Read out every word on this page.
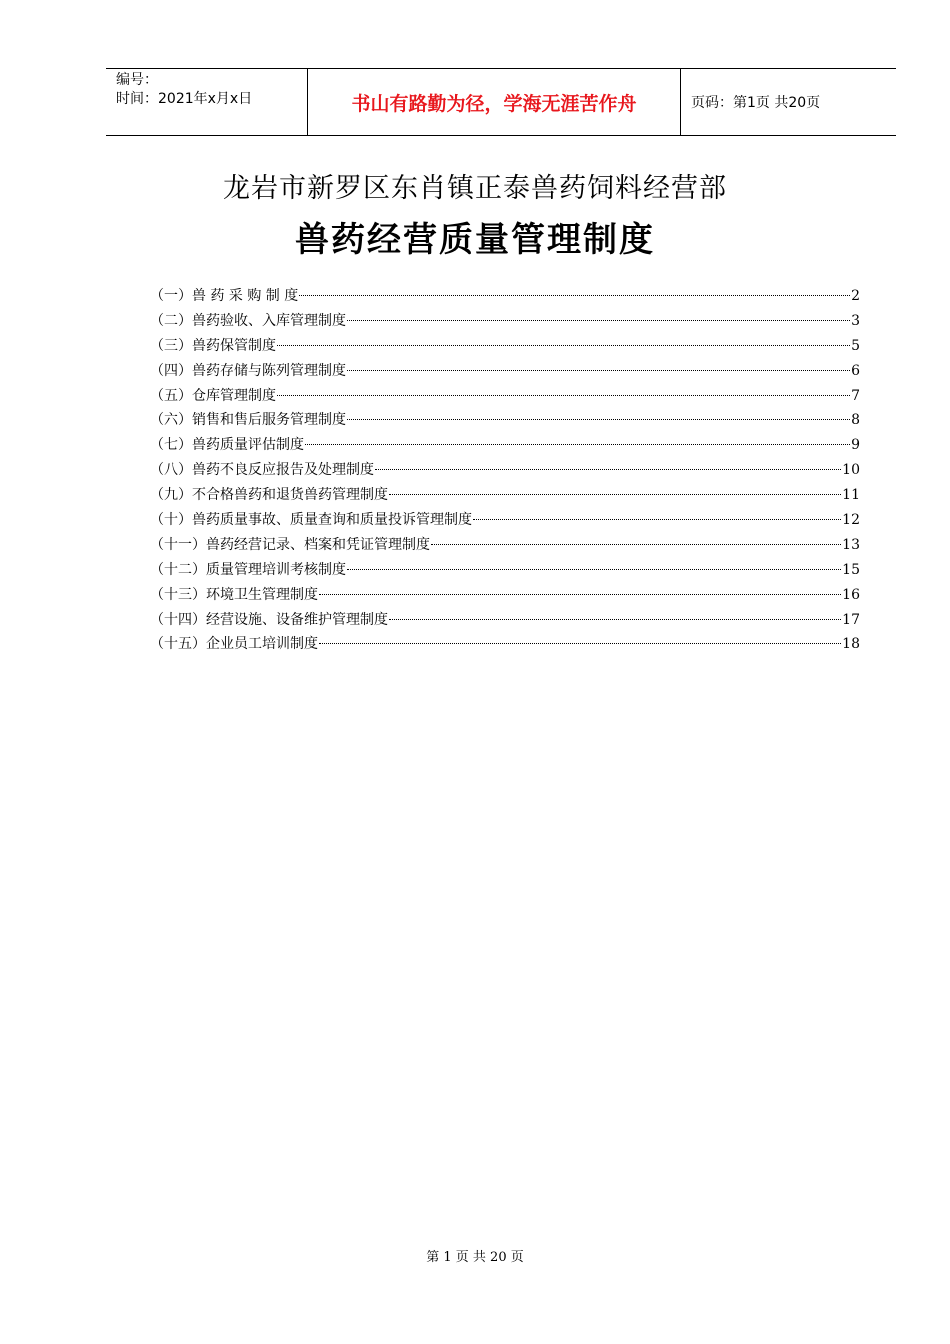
编号：
时间：2021年x月x日	书山有路勤为径，学海无涯苦作舟	页码：第1页 共20页
龙岩市新罗区东肖镇正泰兽药饲料经营部
兽药经营质量管理制度
（一）兽 药 采 购 制 度	2
（二）兽药验收、入库管理制度	3
（三）兽药保管制度	5
（四）兽药存储与陈列管理制度	6
（五）仓库管理制度	7
（六）销售和售后服务管理制度	8
（七）兽药质量评估制度	9
（八）兽药不良反应报告及处理制度	10
（九）不合格兽药和退货兽药管理制度	11
（十）兽药质量事故、质量查询和质量投诉管理制度	12
（十一）兽药经营记录、档案和凭证管理制度	13
（十二）质量管理培训考核制度	15
（十三）环境卫生管理制度	16
（十四）经营设施、设备维护管理制度	17
（十五）企业员工培训制度	18
第 1 页 共 20 页
